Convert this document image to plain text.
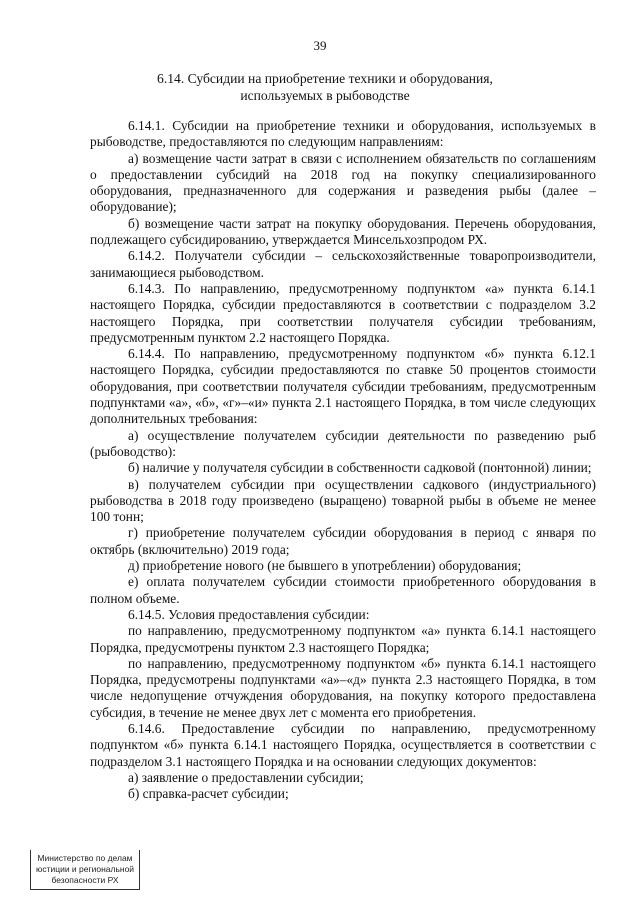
39
6.14. Субсидии на приобретение техники и оборудования,
используемых в рыбоводстве

6.14.1. Субсидии на приобретение техники и оборудования, используемых в рыбоводстве, предоставляются по следующим направлениям:

а) возмещение части затрат в связи с исполнением обязательств по соглашениям о предоставлении субсидий на 2018 год на покупку специализированного оборудования, предназначенного для содержания и разведения рыбы (далее – оборудование);

б) возмещение части затрат на покупку оборудования. Перечень оборудования, подлежащего субсидированию, утверждается Минсельхозпродом РХ.

6.14.2. Получатели субсидии – сельскохозяйственные товаропроизводители, занимающиеся рыбоводством.

6.14.3. По направлению, предусмотренному подпунктом «а» пункта 6.14.1 настоящего Порядка, субсидии предоставляются в соответствии с подразделом 3.2 настоящего Порядка, при соответствии получателя субсидии требованиям, предусмотренным пунктом 2.2 настоящего Порядка.

6.14.4. По направлению, предусмотренному подпунктом «б» пункта 6.12.1 настоящего Порядка, субсидии предоставляются по ставке 50 процентов стоимости оборудования, при соответствии получателя субсидии требованиям, предусмотренным подпунктами «а», «б», «г»–«и» пункта 2.1 настоящего Порядка, в том числе следующих дополнительных требования:

а) осуществление получателем субсидии деятельности по разведению рыб (рыбоводство):

б) наличие у получателя субсидии в собственности садковой (понтонной) линии;

в) получателем субсидии при осуществлении садкового (индустриального) рыбоводства в 2018 году произведено (выращено) товарной рыбы в объеме не менее 100 тонн;

г) приобретение получателем субсидии оборудования в период с января по октябрь (включительно) 2019 года;

д) приобретение нового (не бывшего в употреблении) оборудования;

е) оплата получателем субсидии стоимости приобретенного оборудования в полном объеме.

6.14.5. Условия предоставления субсидии:

по направлению, предусмотренному подпунктом «а» пункта 6.14.1 настоящего Порядка, предусмотрены пунктом 2.3 настоящего Порядка;

по направлению, предусмотренному подпунктом «б» пункта 6.14.1 настоящего Порядка, предусмотрены подпунктами «а»–«д» пункта 2.3 настоящего Порядка, в том числе недопущение отчуждения оборудования, на покупку которого предоставлена субсидия, в течение не менее двух лет с момента его приобретения.

6.14.6. Предоставление субсидии по направлению, предусмотренному подпунктом «б» пункта 6.14.1 настоящего Порядка, осуществляется в соответствии с подразделом 3.1 настоящего Порядка и на основании следующих документов:

а) заявление о предоставлении субсидии;

б) справка-расчет субсидии;

Министерство по делам
юстиции и региональной
безопасности РХ
